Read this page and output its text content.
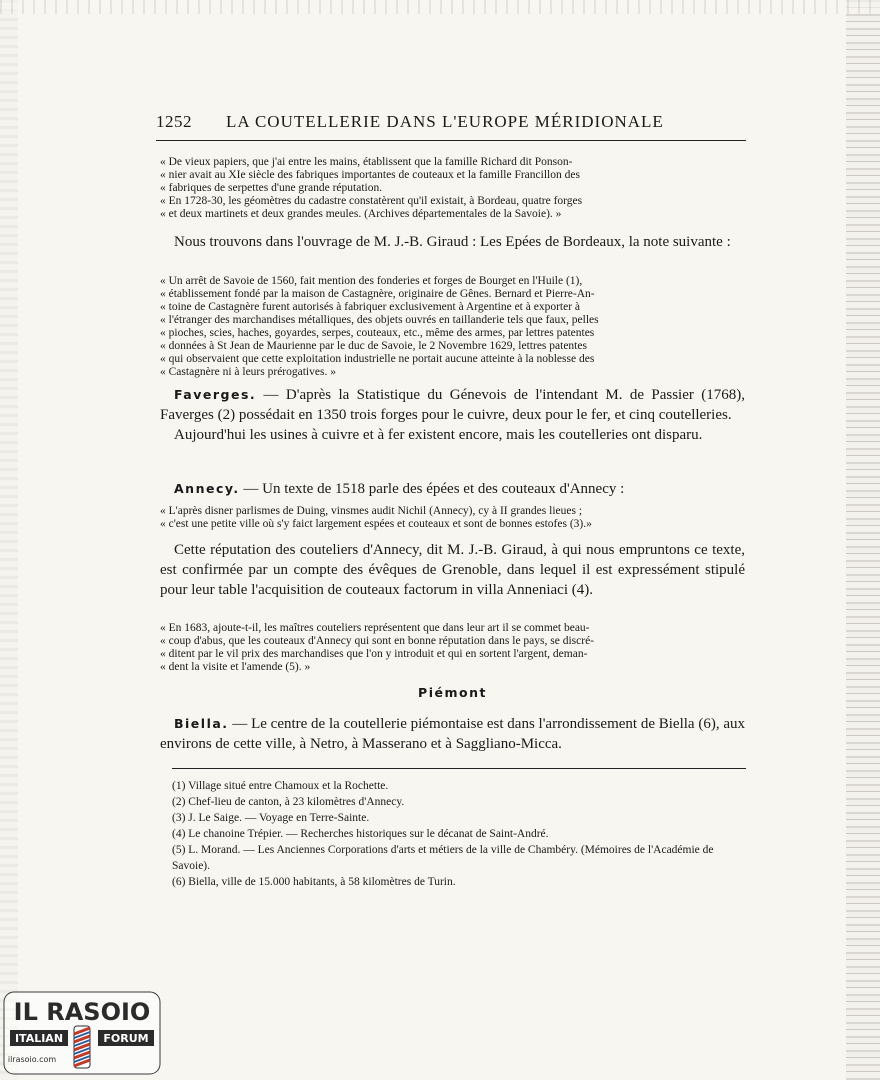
1252 LA COUTELLERIE DANS L'EUROPE MÉRIDIONALE

« De vieux papiers, que j'ai entre les mains, établissent que la famille Richard dit Ponson-

« nier avait au XIe siècle des fabriques importantes de couteaux et la famille Francillon des

« fabriques de serpettes d'une grande réputation.

« En 1728-30, les géomètres du cadastre constatèrent qu'il existait, à Bordeau, quatre forges

« et deux martinets et deux grandes meules. (Archives départementales de la Savoie). »

Nous trouvons dans l'ouvrage de M. J.-B. Giraud : Les Epées de Bordeaux, la note suivante :

« Un arrêt de Savoie de 1560, fait mention des fonderies et forges de Bourget en l'Huile (1),

« établissement fondé par la maison de Castagnère, originaire de Gênes. Bernard et Pierre-An-

« toine de Castagnère furent autorisés à fabriquer exclusivement à Argentine et à exporter à

« l'étranger des marchandises métalliques, des objets ouvrés en taillanderie tels que faux, pelles

« pioches, scies, haches, goyardes, serpes, couteaux, etc., même des armes, par lettres patentes

« données à St Jean de Maurienne par le duc de Savoie, le 2 Novembre 1629, lettres patentes

« qui observaient que cette exploitation industrielle ne portait aucune atteinte à la noblesse des

« Castagnère ni à leurs prérogatives. »

Faverges. — D'après la Statistique du Génevois de l'intendant M. de Passier (1768), Faverges (2) possédait en 1350 trois forges pour le cuivre, deux pour le fer, et cinq coutelleries.

Aujourd'hui les usines à cuivre et à fer existent encore, mais les coutelleries ont disparu.

Annecy. — Un texte de 1518 parle des épées et des couteaux d'Annecy :

« L'après disner parlismes de Duing, vinsmes audit Nichil (Annecy), cy à II grandes lieues ;

« c'est une petite ville où s'y faict largement espées et couteaux et sont de bonnes estofes (3).»

Cette réputation des couteliers d'Annecy, dit M. J.-B. Giraud, à qui nous empruntons ce texte, est confirmée par un compte des évêques de Grenoble, dans lequel il est expressément stipulé pour leur table l'acquisition de couteaux factorum in villa Anneniaci (4).

« En 1683, ajoute-t-il, les maîtres couteliers représentent que dans leur art il se commet beau-

« coup d'abus, que les couteaux d'Annecy qui sont en bonne réputation dans le pays, se discré-

« ditent par le vil prix des marchandises que l'on y introduit et qui en sortent l'argent, deman-

« dent la visite et l'amende (5). »

Piémont

Biella. — Le centre de la coutellerie piémontaise est dans l'arrondissement de Biella (6), aux environs de cette ville, à Netro, à Masserano et à Saggliano-Micca.

(1) Village situé entre Chamoux et la Rochette.

(2) Chef-lieu de canton, à 23 kilomètres d'Annecy.

(3) J. Le Saige. — Voyage en Terre-Sainte.

(4) Le chanoine Trépier. — Recherches historiques sur le décanat de Saint-André.

(5) L. Morand. — Les Anciennes Corporations d'arts et métiers de la ville de Chambéry. (Mémoires de l'Académie de Savoie).

(6) Biella, ville de 15.000 habitants, à 58 kilomètres de Turin.

IL RASOIO
ITALIAN	FORUM
ilrasoio.com
